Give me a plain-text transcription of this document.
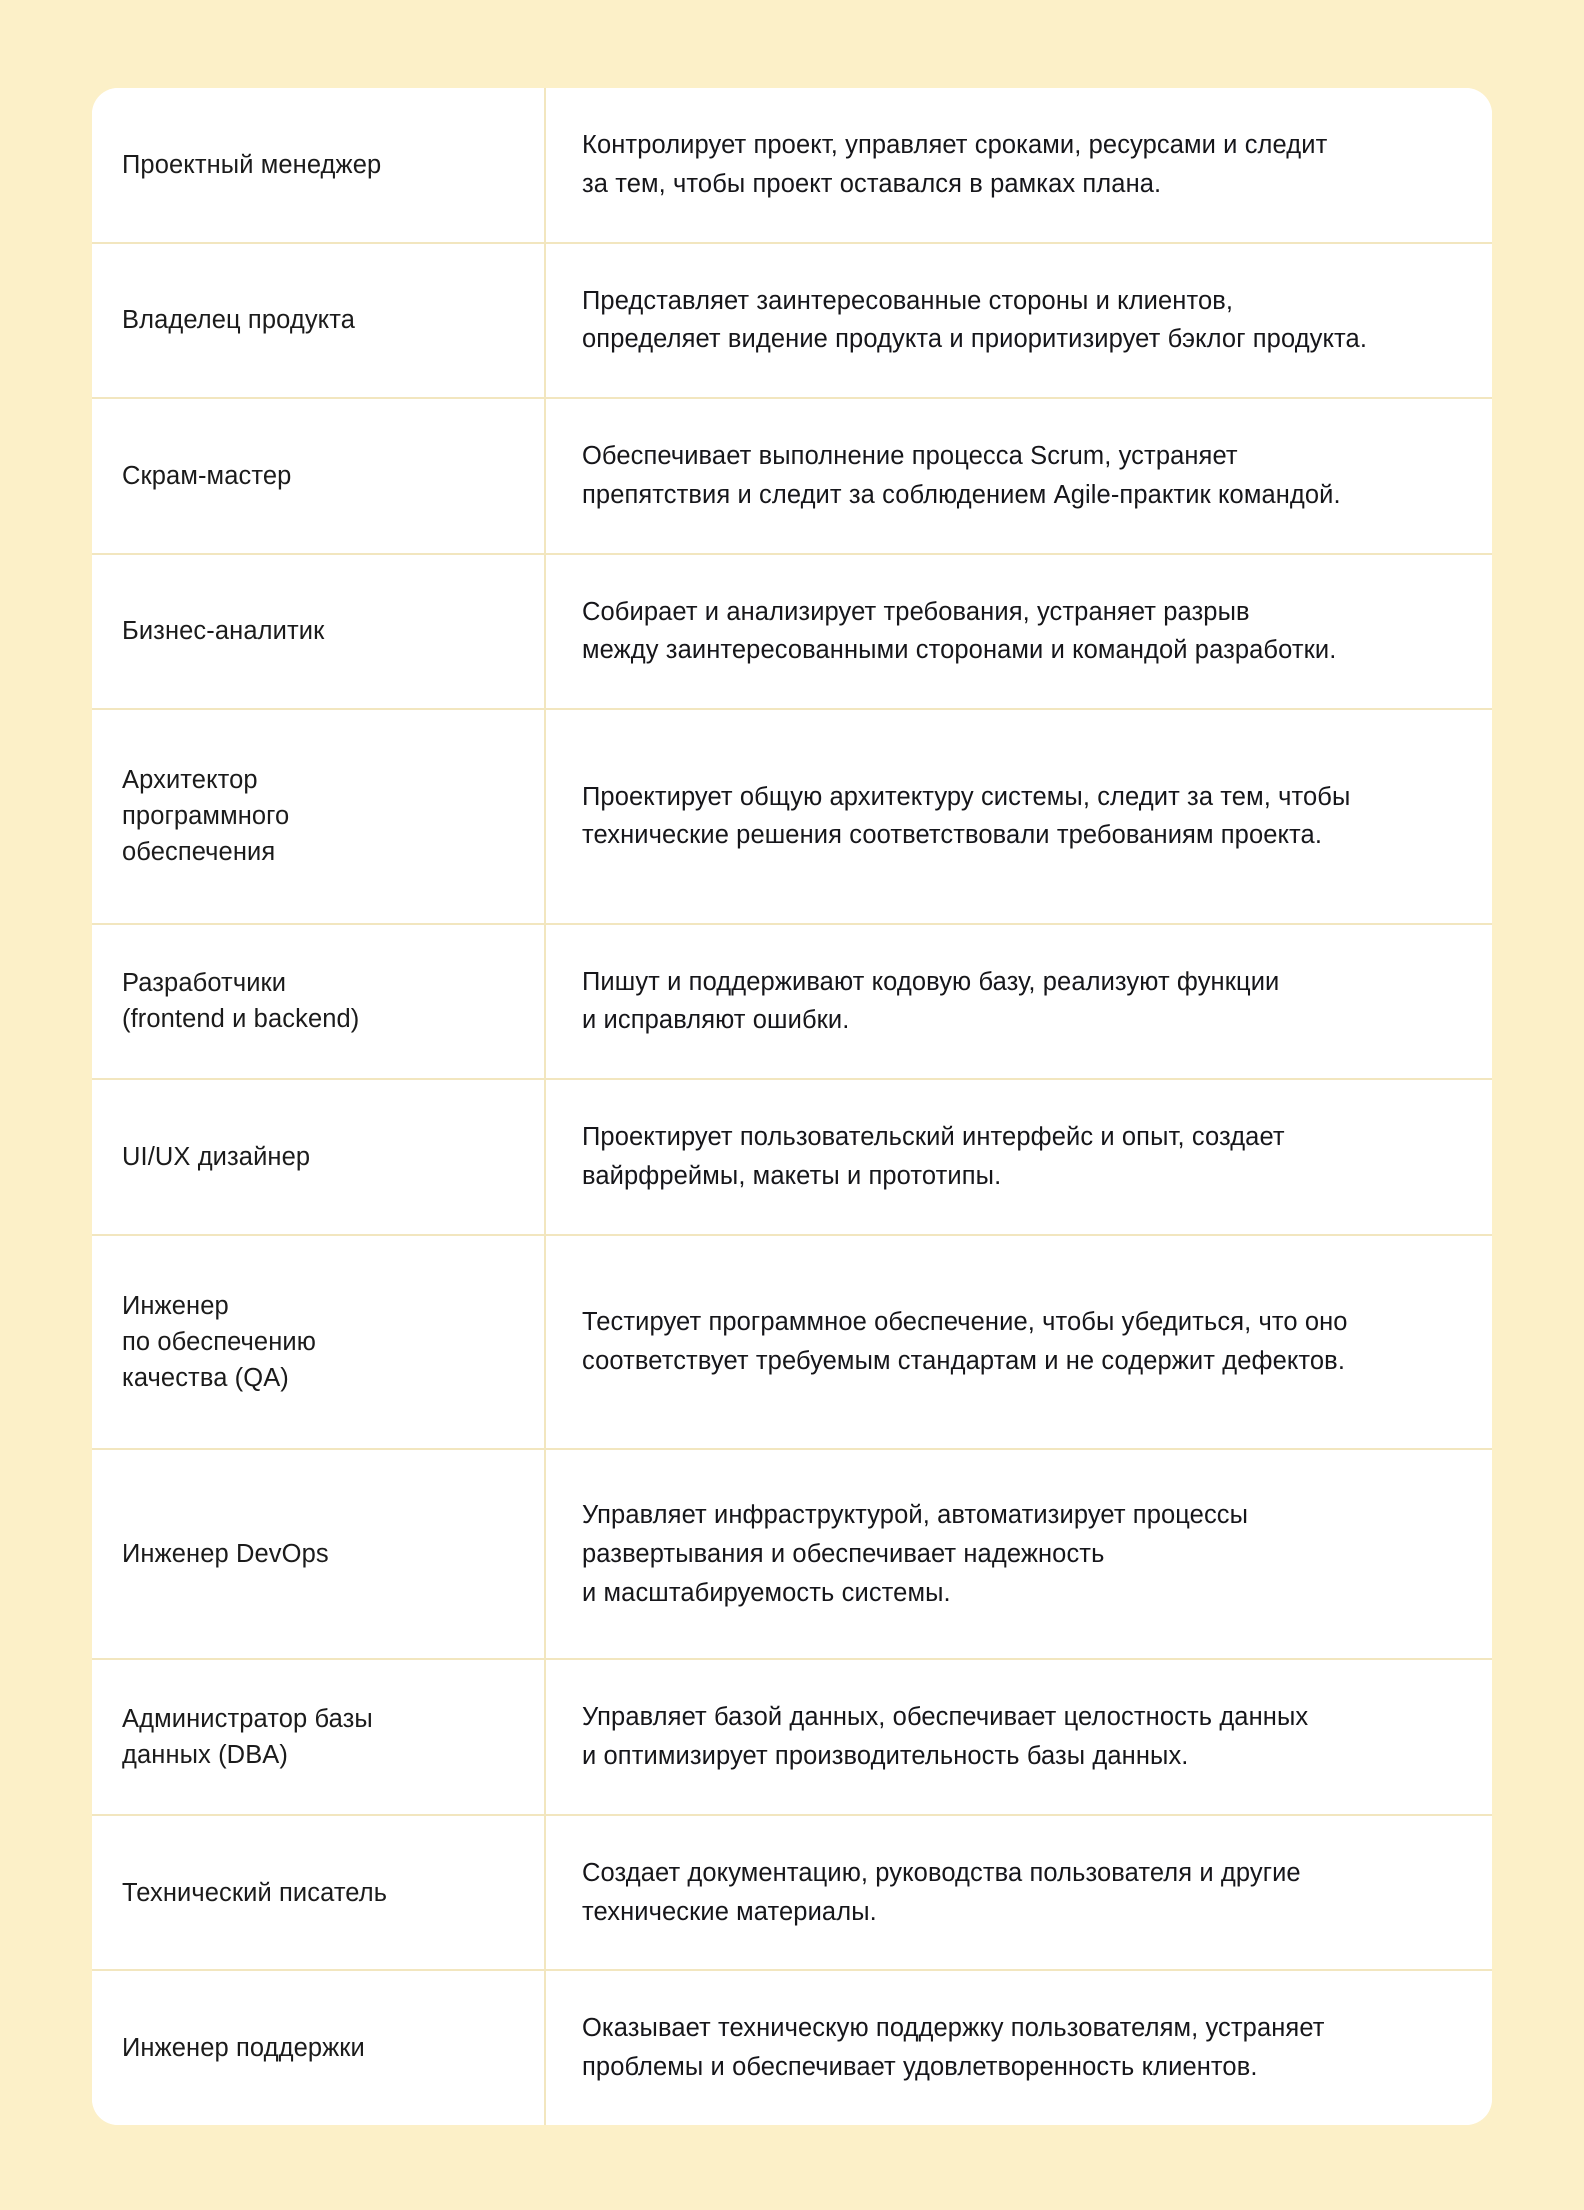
Проектный менеджер	Контролирует проект, управляет сроками, ресурсами и следит
за тем, чтобы проект оставался в рамках плана.

Владелец продукта	Представляет заинтересованные стороны и клиентов,
определяет видение продукта и приоритизирует бэклог продукта.

Скрам-мастер	Обеспечивает выполнение процесса Scrum, устраняет
препятствия и следит за соблюдением Agile-практик командой.

Бизнес-аналитик	Собирает и анализирует требования, устраняет разрыв
между заинтересованными сторонами и командой разработки.

Архитектор
программного
обеспечения	Проектирует общую архитектуру системы, следит за тем, чтобы
технические решения соответствовали требованиям проекта.

Разработчики
(frontend и backend)	Пишут и поддерживают кодовую базу, реализуют функции
и исправляют ошибки.

UI/UX дизайнер	Проектирует пользовательский интерфейс и опыт, создает
вайрфреймы, макеты и прототипы.

Инженер
по обеспечению
качества (QA)	Тестирует программное обеспечение, чтобы убедиться, что оно
соответствует требуемым стандартам и не содержит дефектов.

Инженер DevOps	Управляет инфраструктурой, автоматизирует процессы
развертывания и обеспечивает надежность
и масштабируемость системы.

Администратор базы
данных (DBA)	Управляет базой данных, обеспечивает целостность данных
и оптимизирует производительность базы данных.

Технический писатель	Создает документацию, руководства пользователя и другие
технические материалы.

Инженер поддержки	Оказывает техническую поддержку пользователям, устраняет
проблемы и обеспечивает удовлетворенность клиентов.
